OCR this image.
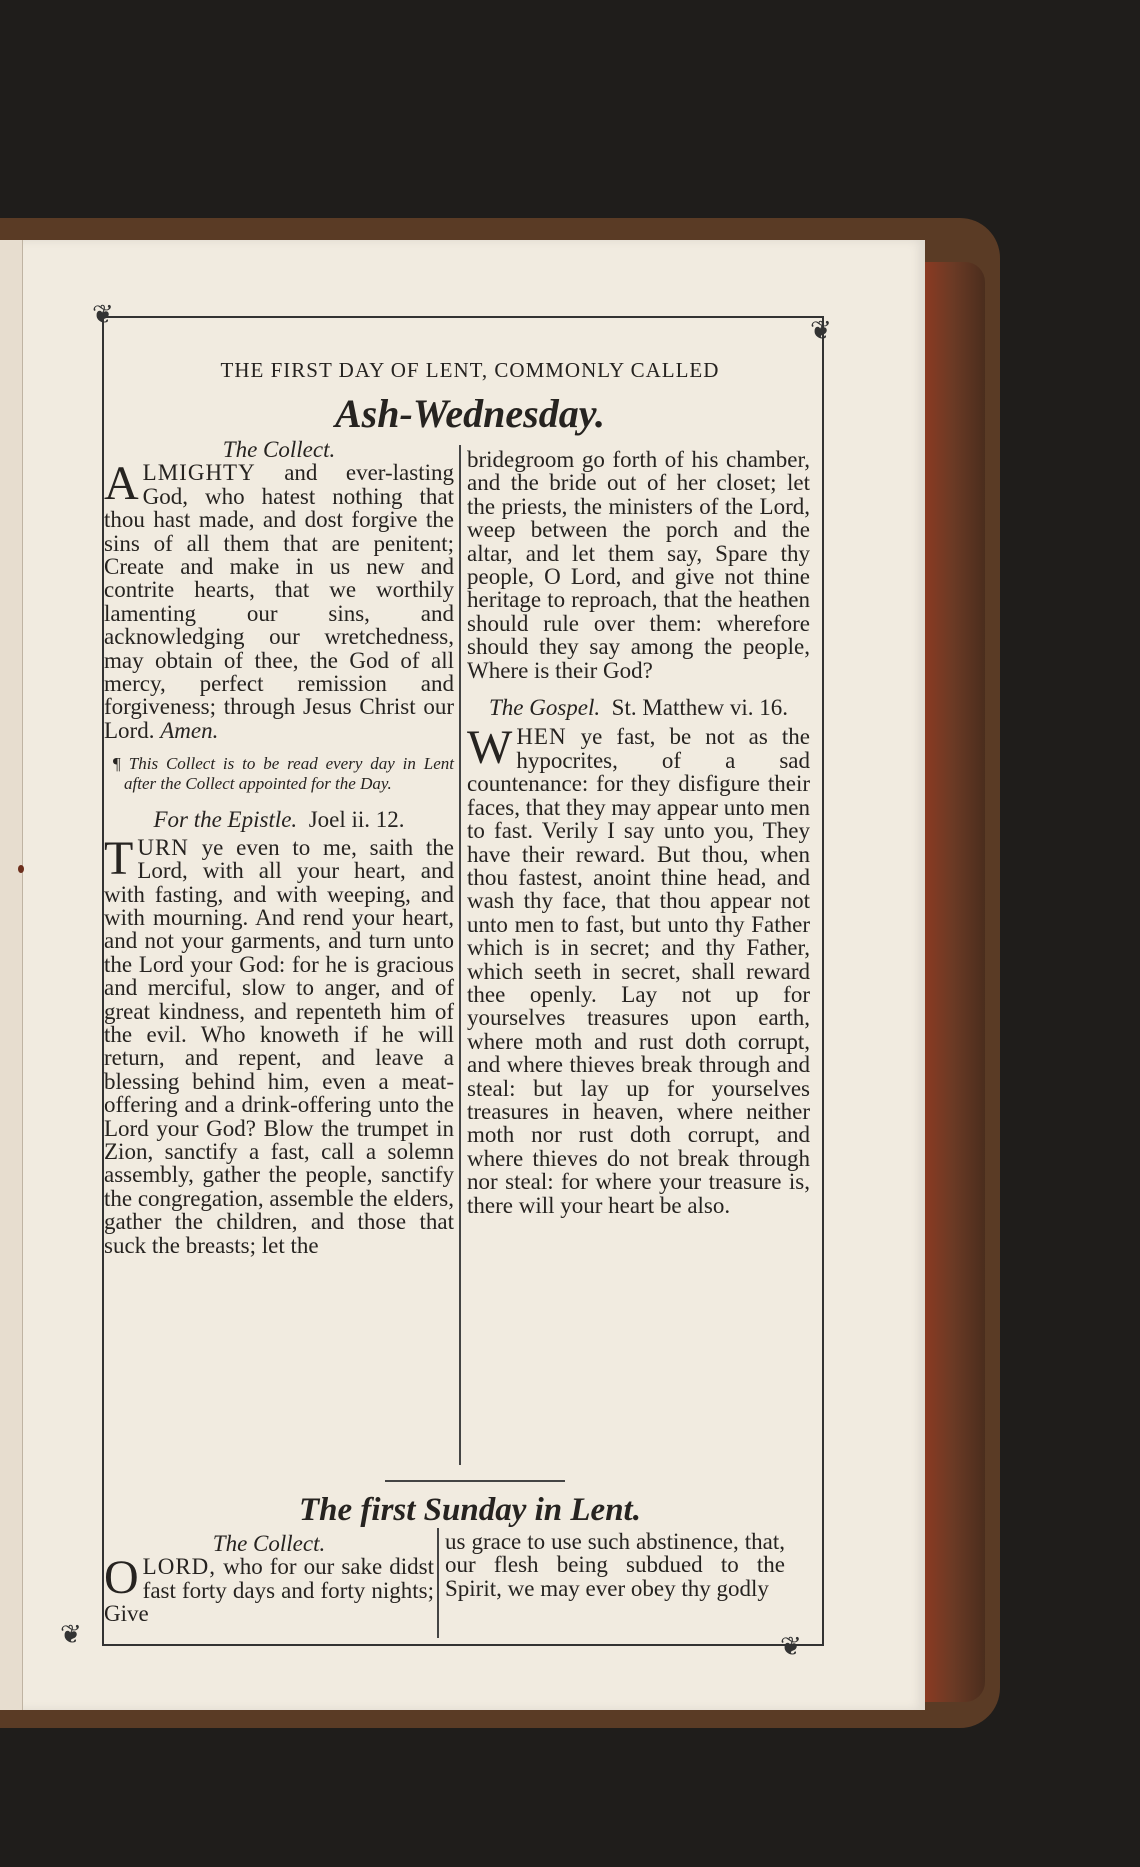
❦
❦
❦	❦
THE FIRST DAY OF LENT, COMMONLY CALLED
Ash-Wednesday.

The Collect.

ALMIGHTY and ever-lasting God, who hatest nothing that thou hast made, and dost forgive the sins of all them that are penitent; Create and make in us new and contrite hearts, that we worthily lamenting our sins, and acknowledging our wretchedness, may obtain of thee, the God of all mercy, perfect remission and forgiveness; through Jesus Christ our Lord. Amen.

¶ This Collect is to be read every day in Lent after the Collect appointed for the Day.

For the Epistle. Joel ii. 12.

TURN ye even to me, saith the Lord, with all your heart, and with fasting, and with weeping, and with mourning. And rend your heart, and not your garments, and turn unto the Lord your God: for he is gracious and merciful, slow to anger, and of great kindness, and repenteth him of the evil. Who knoweth if he will return, and repent, and leave a blessing behind him, even a meat-offering and a drink-offering unto the Lord your God? Blow the trumpet in Zion, sanctify a fast, call a solemn assembly, gather the people, sanctify the congregation, assemble the elders, gather the children, and those that suck the breasts; let the

bridegroom go forth of his chamber, and the bride out of her closet; let the priests, the ministers of the Lord, weep between the porch and the altar, and let them say, Spare thy people, O Lord, and give not thine heritage to reproach, that the heathen should rule over them: wherefore should they say among the people, Where is their God?

The Gospel. St. Matthew vi. 16.

WHEN ye fast, be not as the hypocrites, of a sad countenance: for they disfigure their faces, that they may appear unto men to fast. Verily I say unto you, They have their reward. But thou, when thou fastest, anoint thine head, and wash thy face, that thou appear not unto men to fast, but unto thy Father which is in secret; and thy Father, which seeth in secret, shall reward thee openly. Lay not up for yourselves treasures upon earth, where moth and rust doth corrupt, and where thieves break through and steal: but lay up for yourselves treasures in heaven, where neither moth nor rust doth corrupt, and where thieves do not break through nor steal: for where your treasure is, there will your heart be also.

The first Sunday in Lent.

The Collect.

OLORD, who for our sake didst fast forty days and forty nights; Give

us grace to use such abstinence, that, our flesh being subdued to the Spirit, we may ever obey thy godly
